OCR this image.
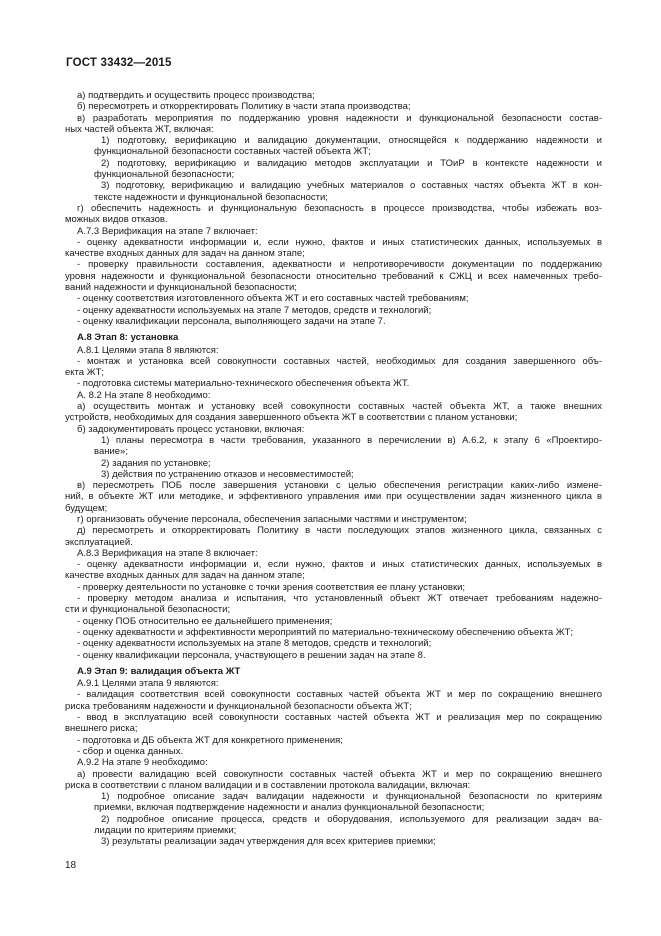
ГОСТ 33432—2015
а) подтвердить и осуществить процесс производства;
б) пересмотреть и откорректировать Политику в части этапа производства;
в) разработать мероприятия по поддержанию уровня надежности и функциональной безопасности состав-
ных частей объекта ЖТ, включая:
1) подготовку, верификацию и валидацию документации, относящейся к поддержанию надежности и
функциональной безопасности составных частей объекта ЖТ;
2) подготовку, верификацию и валидацию методов эксплуатации и ТОиР в контексте надежности и
функциональной безопасности;
3) подготовку, верификацию и валидацию учебных материалов о составных частях объекта ЖТ в кон-
тексте надежности и функциональной безопасности;
г) обеспечить надежность и функциональную безопасность в процессе производства, чтобы избежать воз-
можных видов отказов.
А.7.3 Верификация на этапе 7 включает:
- оценку адекватности информации и, если нужно, фактов и иных статистических данных, используемых в
качестве входных данных для задач на данном этапе;
- проверку правильности составления, адекватности и непротиворечивости документации по поддержанию
уровня надежности и функциональной безопасности относительно требований к СЖЦ и всех намеченных требо-
ваний надежности и функциональной безопасности;
- оценку соответствия изготовленного объекта ЖТ и его составных частей требованиям;
- оценку адекватности используемых на этапе 7 методов, средств и технологий;
- оценку квалификации персонала, выполняющего задачи на этапе 7.
А.8 Этап 8: установка
А.8.1 Целями этапа 8 являются:
- монтаж и установка всей совокупности составных частей, необходимых для создания завершенного объ-
екта ЖТ;
- подготовка системы материально-технического обеспечения объекта ЖТ.
А. 8.2 На этапе 8 необходимо:
а) осуществить монтаж и установку всей совокупности составных частей объекта ЖТ, а также внешних
устройств, необходимых для создания завершенного объекта ЖТ в соответствии с планом установки;
б) задокументировать процесс установки, включая:
1) планы пересмотра в части требования, указанного в перечислении в) А.6.2, к этапу 6 «Проектиро-
вание»;
2) задания по установке;
3) действия по устранению отказов и несовместимостей;
в) пересмотреть ПОБ после завершения установки с целью обеспечения регистрации каких-либо измене-
ний, в объекте ЖТ или методике, и эффективного управления ими при осуществлении задач жизненного цикла в
будущем;
г) организовать обучение персонала, обеспечения запасными частями и инструментом;
д) пересмотреть и откорректировать Политику в части последующих этапов жизненного цикла, связанных с
эксплуатацией.
А.8.3 Верификация на этапе 8 включает:
- оценку адекватности информации и, если нужно, фактов и иных статистических данных, используемых в
качестве входных данных для задач на данном этапе;
- проверку деятельности по установке с точки зрения соответствия ее плану установки;
- проверку методом анализа и испытания, что установленный объект ЖТ отвечает требованиям надежно-
сти и функциональной безопасности;
- оценку ПОБ относительно ее дальнейшего применения;
- оценку адекватности и эффективности мероприятий по материально-техническому обеспечению объекта ЖТ;
- оценку адекватности используемых на этапе 8 методов, средств и технологий;
- оценку квалификации персонала, участвующего в решении задач на этапе 8.
А.9 Этап 9: валидация объекта ЖТ
А.9.1 Целями этапа 9 являются:
- валидация соответствия всей совокупности составных частей объекта ЖТ и мер по сокращению внешнего
риска требованиям надежности и функциональной безопасности объекта ЖТ;
- ввод в эксплуатацию всей совокупности составных частей объекта ЖТ и реализация мер по сокращению
внешнего риска;
- подготовка и ДБ объекта ЖТ для конкретного применения;
- сбор и оценка данных.
А.9.2 На этапе 9 необходимо:
а) провести валидацию всей совокупности составных частей объекта ЖТ и мер по сокращению внешнего
риска в соответствии с планом валидации и в составлении протокола валидации, включая:
1) подробное описание задач валидации надежности и функциональной безопасности по критериям
приемки, включая подтверждение надежности и анализ функциональной безопасности;
2) подробное описание процесса, средств и оборудования, используемого для реализации задач ва-
лидации по критериям приемки;
3) результаты реализации задач утверждения для всех критериев приемки;
18
